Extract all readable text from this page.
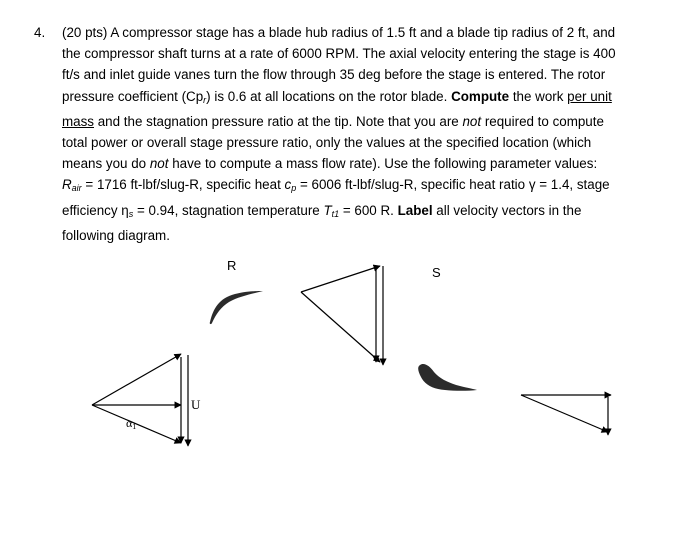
4. (20 pts) A compressor stage has a blade hub radius of 1.5 ft and a blade tip radius of 2 ft, and
the compressor shaft turns at a rate of 6000 RPM. The axial velocity entering the stage is 400
ft/s and inlet guide vanes turn the flow through 35 deg before the stage is entered. The rotor
pressure coefficient $(Cp_r)$ is 0.6 at all locations on the rotor blade. Compute the work per unit
mass and the stagnation pressure ratio at the tip. Note that you are not required to compute
total power or overall stage pressure ratio, only the values at the specified location (which
means you do not have to compute a mass flow rate). Use the following parameter values:
$R_{air} = 1716$ ft-lbf/slug-R, specific heat $c_p = 6006$ ft-lbf/slug-R, specific heat ratio γ = 1.4, stage
efficiency $\eta_s = 0.94$, stagnation temperature $T_{t1} = 600$ R. Label all velocity vectors in the
following diagram.
U
α1
R	S
